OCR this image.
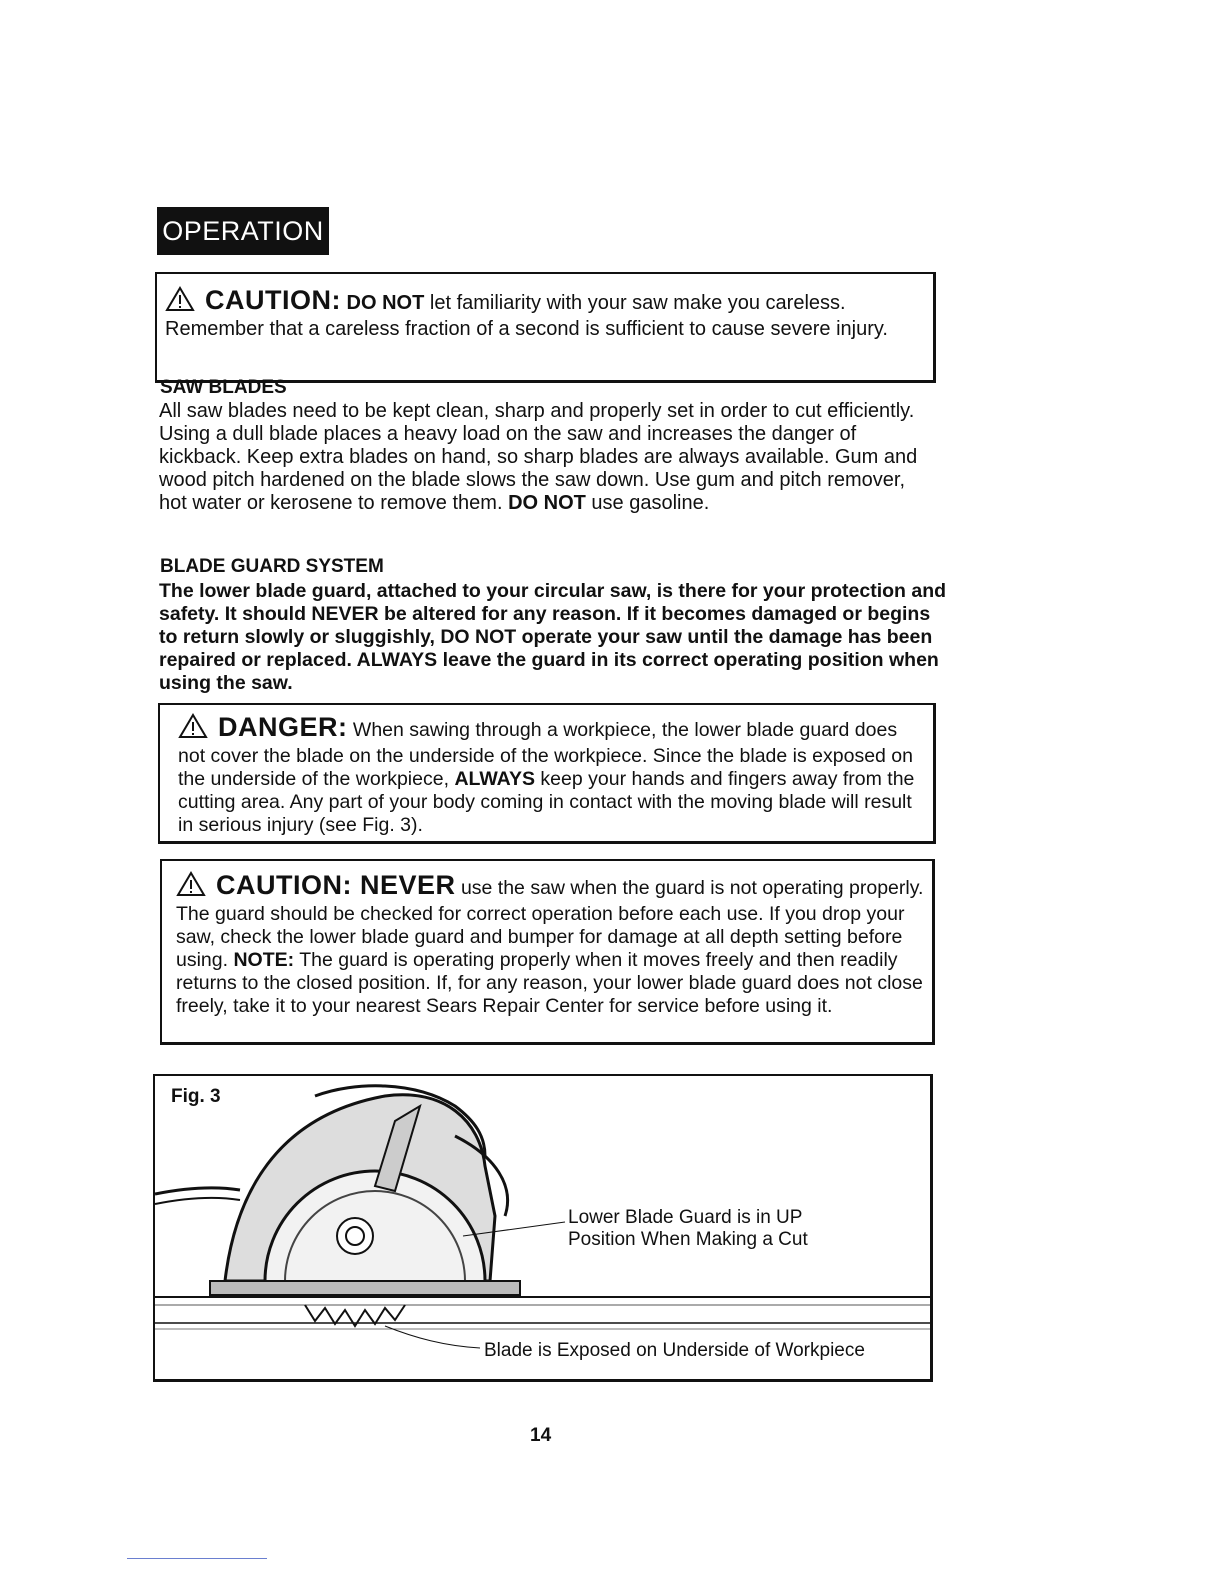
OPERATION

CAUTION: DO NOT let familiarity with your saw make you careless. Remember that a careless fraction of a second is sufficient to cause severe injury.

SAW BLADES

All saw blades need to be kept clean, sharp and properly set in order to cut efficiently. Using a dull blade places a heavy load on the saw and increases the danger of kickback. Keep extra blades on hand, so sharp blades are always available. Gum and wood pitch hardened on the blade slows the saw down. Use gum and pitch remover, hot water or kerosene to remove them. DO NOT use gasoline.

BLADE GUARD SYSTEM

The lower blade guard, attached to your circular saw, is there for your protection and safety. It should NEVER be altered for any reason. If it becomes damaged or begins to return slowly or sluggishly, DO NOT operate your saw until the damage has been repaired or replaced. ALWAYS leave the guard in its correct operating position when using the saw.

DANGER: When sawing through a workpiece, the lower blade guard does not cover the blade on the underside of the workpiece. Since the blade is exposed on the underside of the workpiece, ALWAYS keep your hands and fingers away from the cutting area. Any part of your body coming in contact with the moving blade will result in serious injury (see Fig. 3).

CAUTION: NEVER use the saw when the guard is not operating properly. The guard should be checked for correct operation before each use. If you drop your saw, check the lower blade guard and bumper for damage at all depth setting before using. NOTE: The guard is operating properly when it moves freely and then readily returns to the closed position. If, for any reason, your lower blade guard does not close freely, take it to your nearest Sears Repair Center for service before using it.

Fig. 3
Lower Blade Guard is in UP
Position When Making a Cut
Blade is Exposed on Underside of Workpiece
14
